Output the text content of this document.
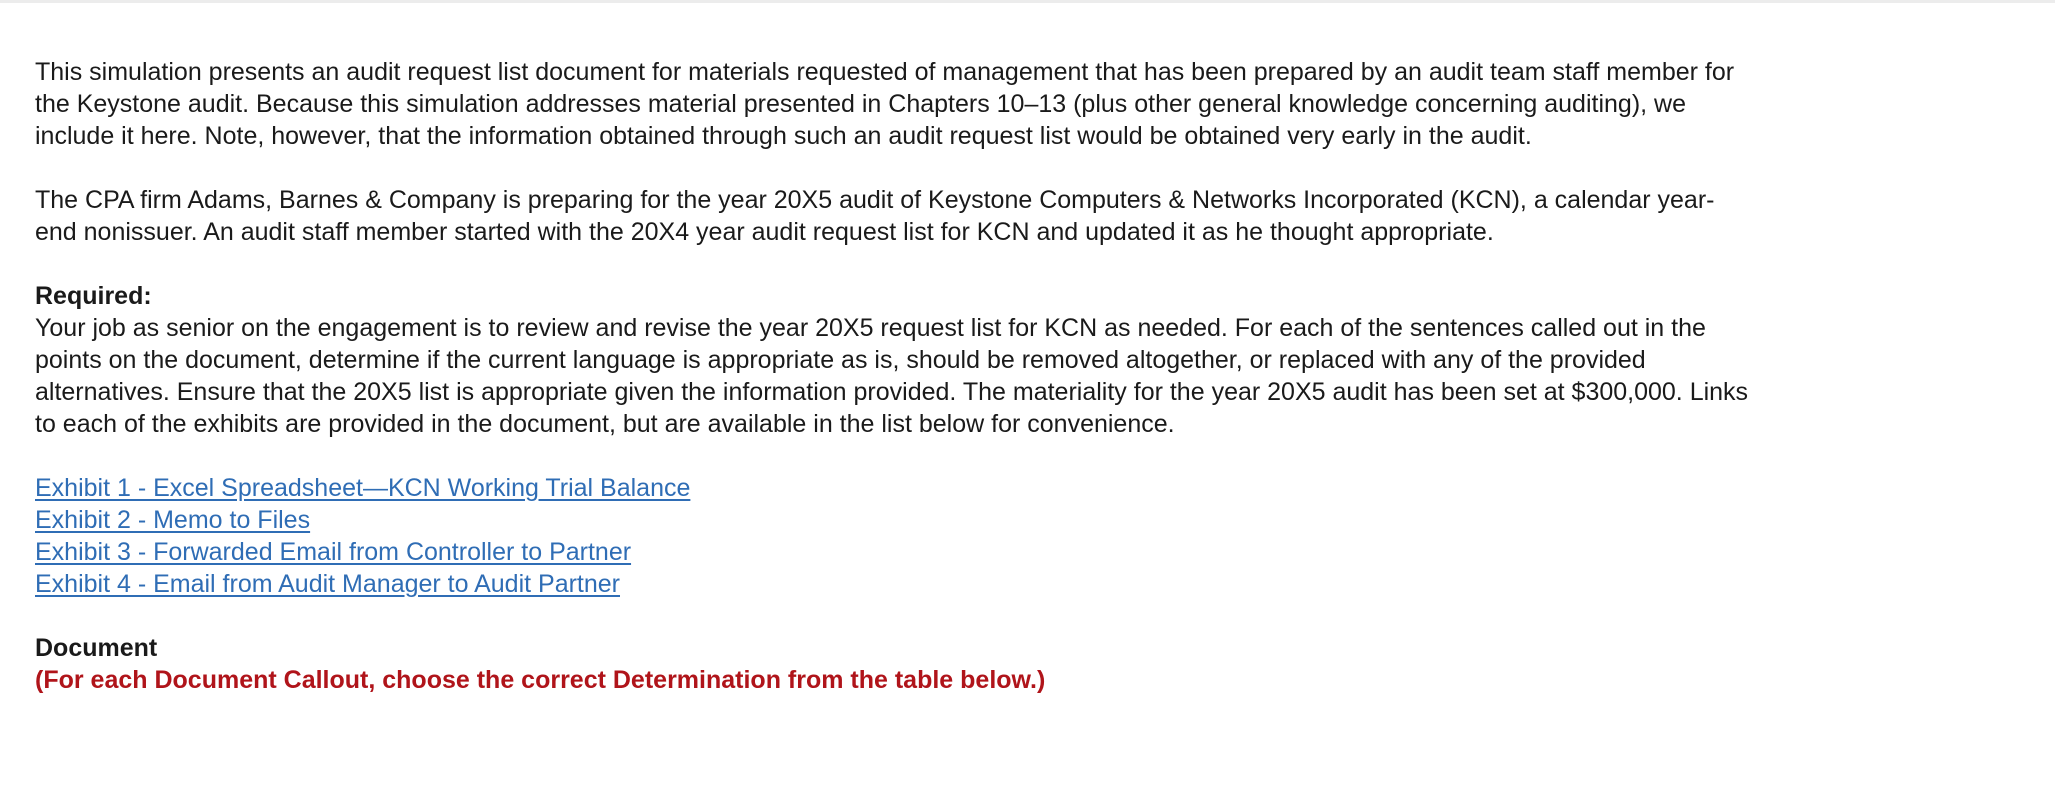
This simulation presents an audit request list document for materials requested of management that has been prepared by an audit team staff member for the Keystone audit. Because this simulation addresses material presented in Chapters 10–13 (plus other general knowledge concerning auditing), we include it here. Note, however, that the information obtained through such an audit request list would be obtained very early in the audit.

The CPA firm Adams, Barnes & Company is preparing for the year 20X5 audit of Keystone Computers & Networks Incorporated (KCN), a calendar year-end nonissuer. An audit staff member started with the 20X4 year audit request list for KCN and updated it as he thought appropriate.

Required:

Your job as senior on the engagement is to review and revise the year 20X5 request list for KCN as needed. For each of the sentences called out in the points on the document, determine if the current language is appropriate as is, should be removed altogether, or replaced with any of the provided alternatives. Ensure that the 20X5 list is appropriate given the information provided. The materiality for the year 20X5 audit has been set at $300,000. Links to each of the exhibits are provided in the document, but are available in the list below for convenience.

Exhibit 1 - Excel Spreadsheet—KCN Working Trial Balance
Exhibit 2 - Memo to Files
Exhibit 3 - Forwarded Email from Controller to Partner
Exhibit 4 - Email from Audit Manager to Audit Partner

Document

(For each Document Callout, choose the correct Determination from the table below.)
